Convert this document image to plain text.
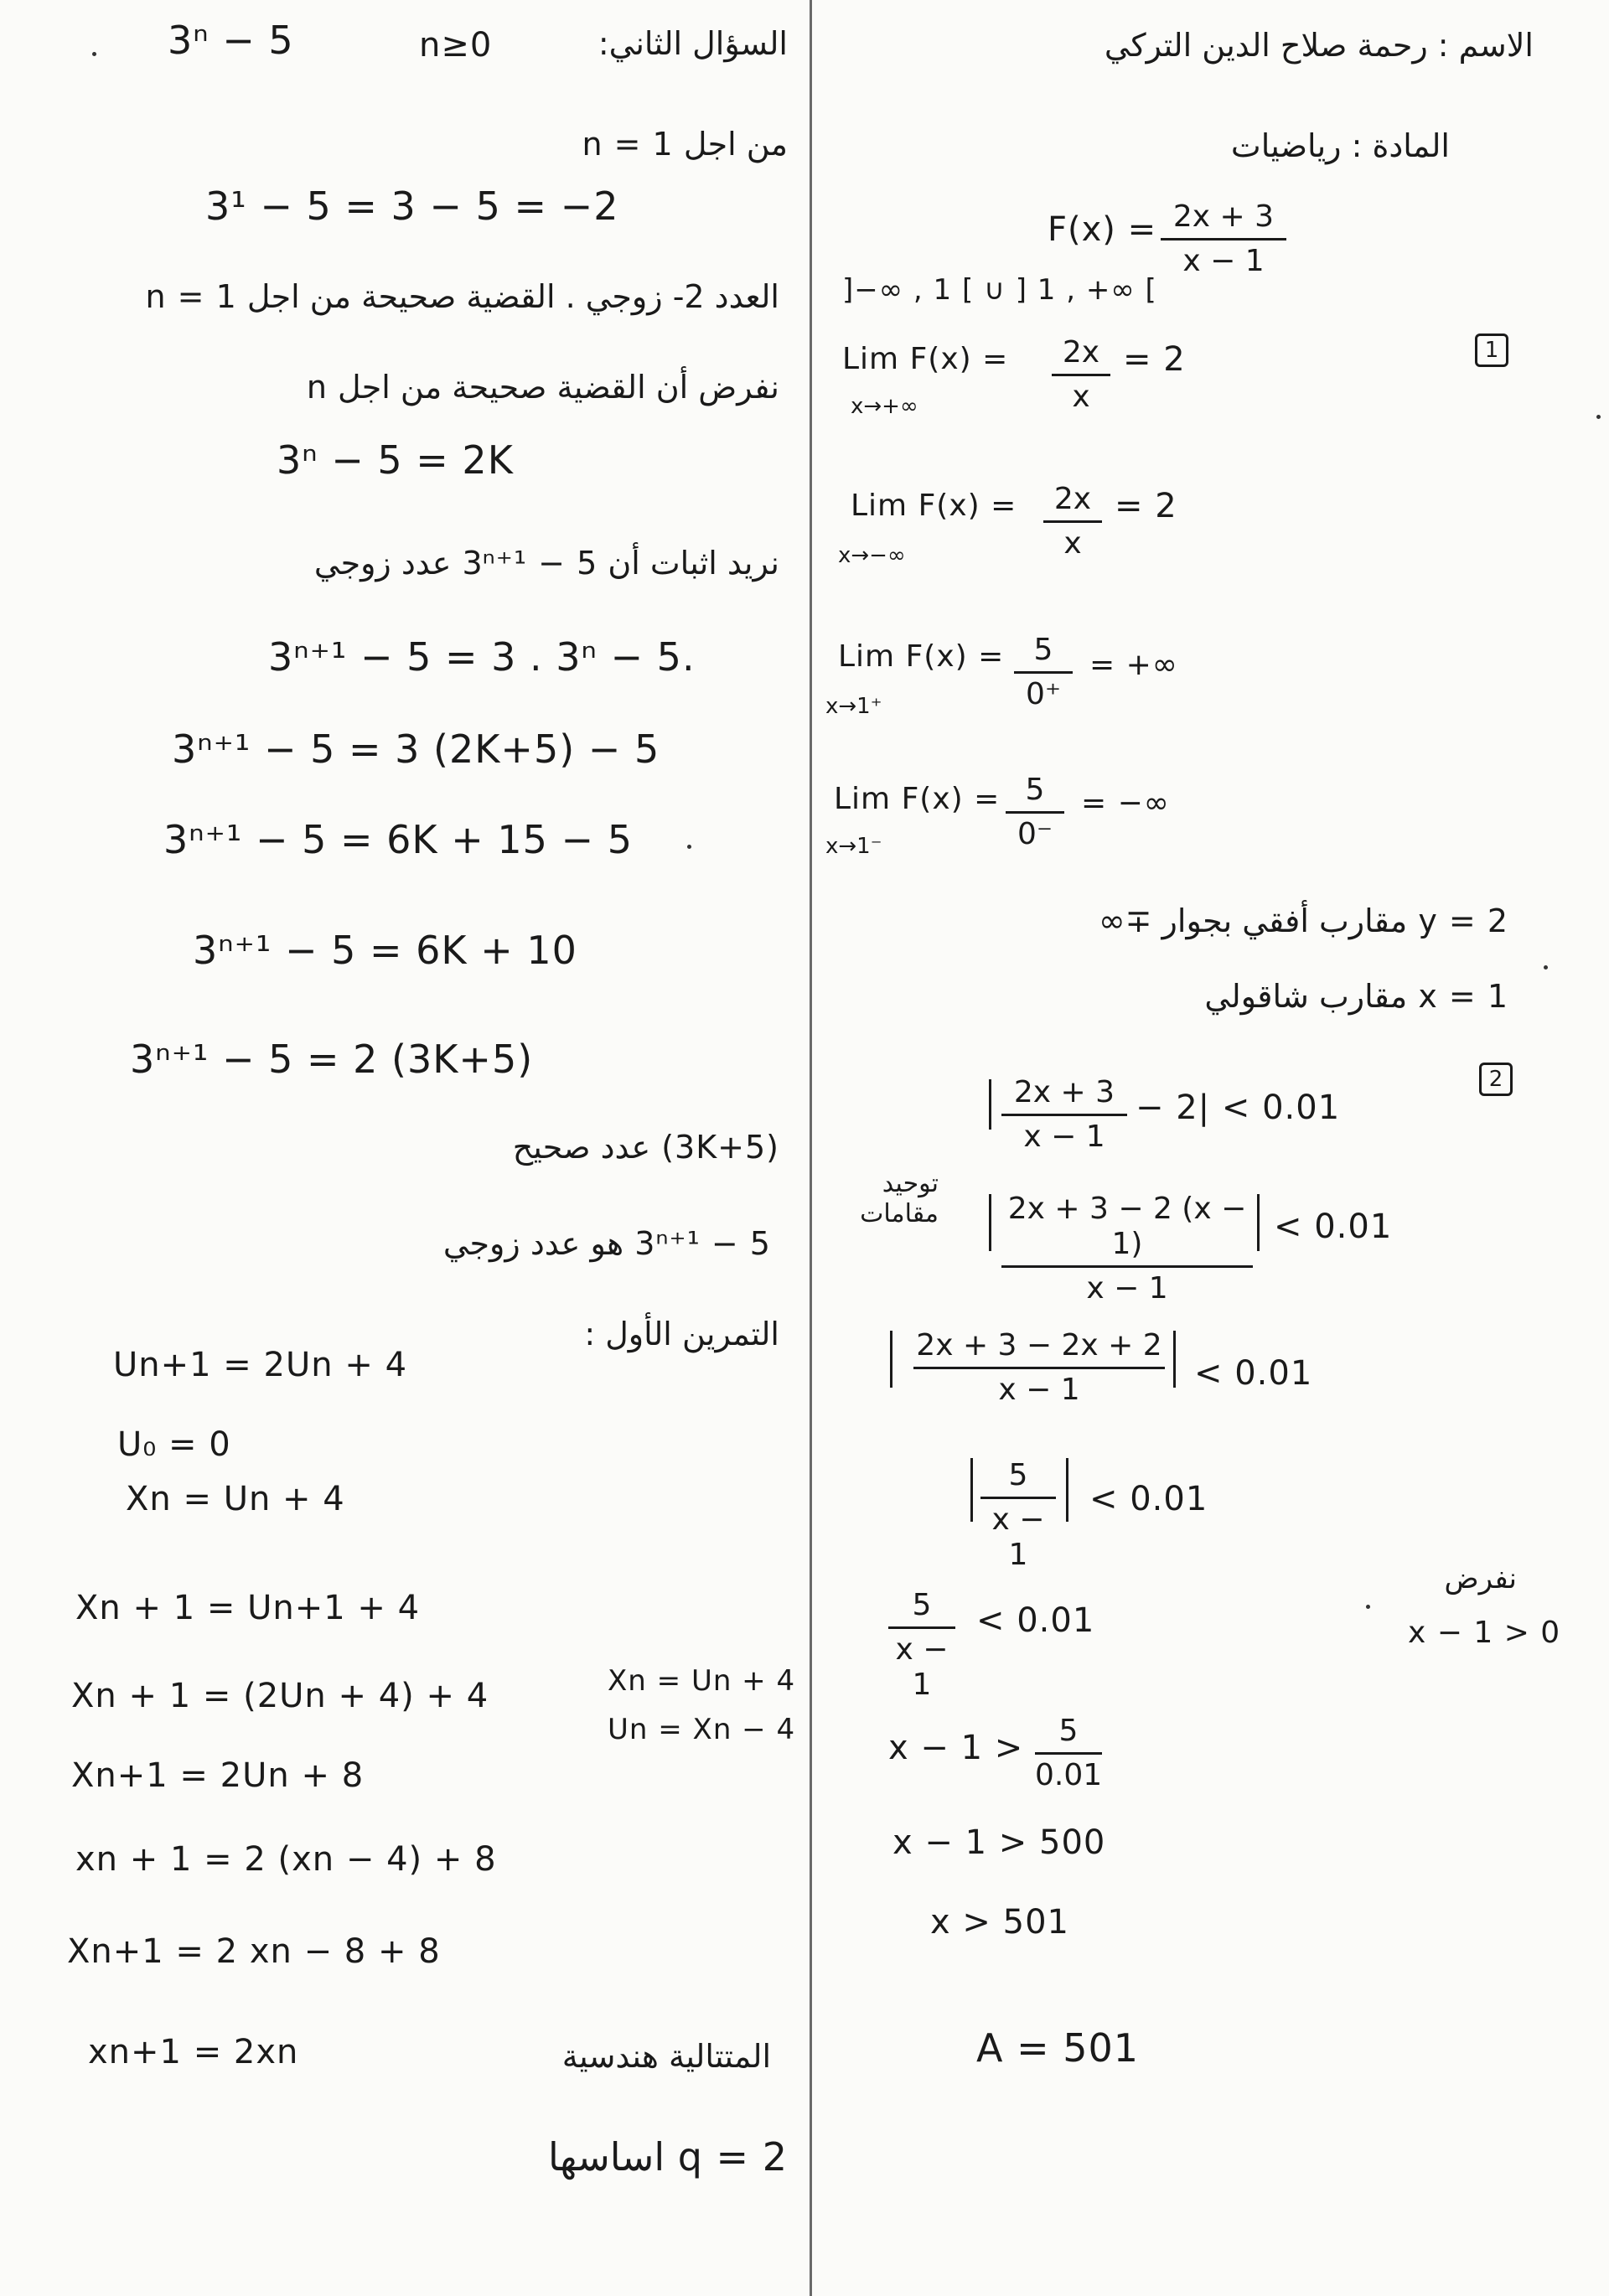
3ⁿ − 5	n≥0	السؤال الثاني:
من اجل n = 1
3¹ − 5 = 3 − 5 = −2
العدد ‎-2‎ زوجي . القضية صحيحة من اجل n = 1
نفرض أن القضية صحيحة من اجل n
3ⁿ − 5 = 2K
نريد اثبات أن 3ⁿ⁺¹ − 5 عدد زوجي
3ⁿ⁺¹ − 5 = 3 . 3ⁿ − 5.
3ⁿ⁺¹ − 5 = 3 (2K+5) − 5
3ⁿ⁺¹ − 5 = 6K + 15 − 5
3ⁿ⁺¹ − 5 = 6K + 10
3ⁿ⁺¹ − 5 = 2 (3K+5)
(3K+5) عدد صحيح
3ⁿ⁺¹ − 5 هو عدد زوجي
التمرين الأول :
Un+1 = 2Un + 4
U₀ = 0
Xn = Un + 4
Xn + 1 = Un+1 + 4
Xn + 1 = (2Un + 4) + 4	Xn = Un + 4
Un = Xn − 4
Xn+1 = 2Un + 8
xn + 1 = 2 (xn − 4) + 8
Xn+1 = 2 xn − 8 + 8
xn+1 = 2xn	المتتالية هندسية
q = 2 اساسها
الاسم : رحمة صلاح الدين التركي
المادة : رياضيات
F(x) = 2x + 3
x − 1
]−∞ , 1 [ ∪ ] 1 , +∞ [
1
Lim F(x) =
x→+∞
2x
x
= 2
Lim F(x) =
x→−∞
2x
x
= 2
Lim F(x) =
x→1⁺
5
0⁺
= +∞
Lim F(x) =
x→1⁻
5
0⁻
= −∞
y = 2 مقارب أفقي بجوار ∓∞
x = 1 مقارب شاقولي
2
2x + 3
x − 1
− 2| < 0.01
توحيد مقامات 2x + 3 − 2 (x − 1)
x − 1
< 0.01
2x + 3 − 2x + 2
x − 1	< 0.01
5
x − 1
< 0.01
نفرض
x − 1 > 0
5
x − 1
< 0.01
x − 1 >	5
0.01
x − 1 > 500
x > 501
A = 501
